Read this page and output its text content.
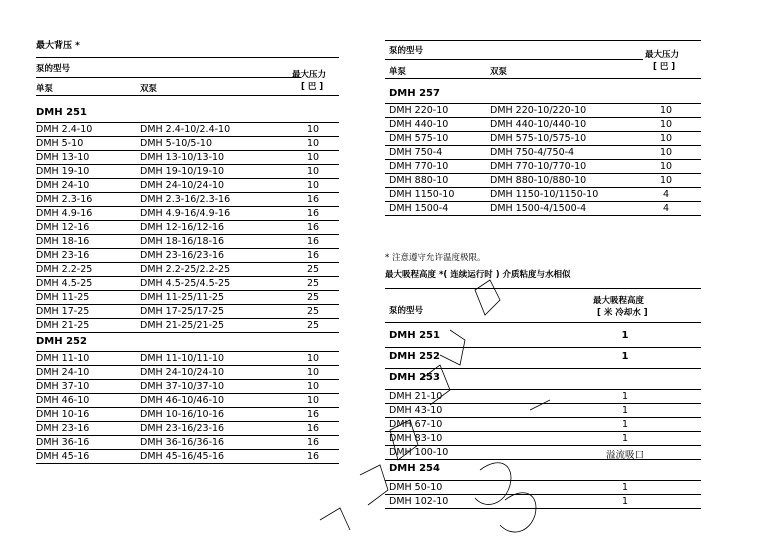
最大背压 *
泵的型号
单泵	双泵
最大压力
[ 巴 ]
DMH 251
DMH 2.4-10	DMH 2.4-10/2.4-10	10
DMH 5-10	DMH 5-10/5-10	10
DMH 13-10	DMH 13-10/13-10	10
DMH 19-10	DMH 19-10/19-10	10
DMH 24-10	DMH 24-10/24-10	10
DMH 2.3-16	DMH 2.3-16/2.3-16	16
DMH 4.9-16	DMH 4.9-16/4.9-16	16
DMH 12-16	DMH 12-16/12-16	16
DMH 18-16	DMH 18-16/18-16	16
DMH 23-16	DMH 23-16/23-16	16
DMH 2.2-25	DMH 2.2-25/2.2-25	25
DMH 4.5-25	DMH 4.5-25/4.5-25	25
DMH 11-25	DMH 11-25/11-25	25
DMH 17-25	DMH 17-25/17-25	25
DMH 21-25	DMH 21-25/21-25	25
DMH 252
DMH 11-10	DMH 11-10/11-10	10
DMH 24-10	DMH 24-10/24-10	10
DMH 37-10	DMH 37-10/37-10	10
DMH 46-10	DMH 46-10/46-10	10
DMH 10-16	DMH 10-16/10-16	16
DMH 23-16	DMH 23-16/23-16	16
DMH 36-16	DMH 36-16/36-16	16
DMH 45-16	DMH 45-16/45-16	16
泵的型号
单泵	双泵
最大压力
[ 巴 ]
DMH 257
DMH 220-10	DMH 220-10/220-10	10
DMH 440-10	DMH 440-10/440-10	10
DMH 575-10	DMH 575-10/575-10	10
DMH 750-4	DMH 750-4/750-4	10
DMH 770-10	DMH 770-10/770-10	10
DMH 880-10	DMH 880-10/880-10	10
DMH 1150-10	DMH 1150-10/1150-10	4
DMH 1500-4	DMH 1500-4/1500-4	4
* 注意遵守允许温度极限。
最大吸程高度 *( 连续运行时 ) 介质粘度与水相似
泵的型号
最大吸程高度
[ 米 冷却水 ]
DMH 251	1
DMH 252	1
DMH 253
DMH 21-10	1
DMH 43-10	1
DMH 67-10	1
DMH 83-10	1
DMH 100-10	溢流吸口
DMH 254
DMH 50-10	1
DMH 102-10	1
